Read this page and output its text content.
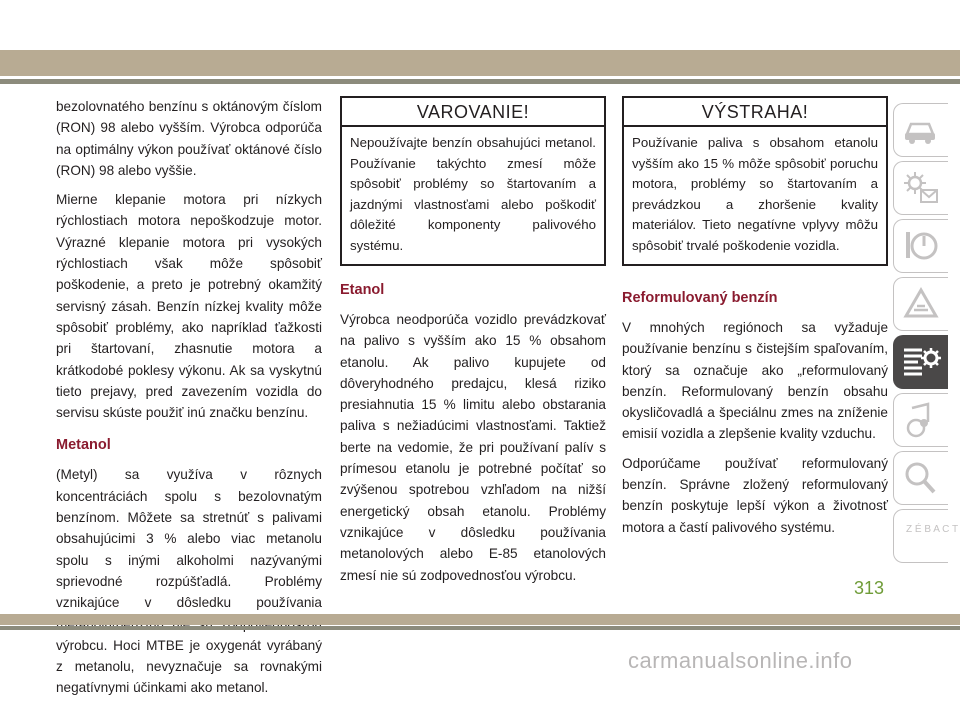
bezolovnatého benzínu s oktánovým číslom (RON) 98 alebo vyšším. Výrobca odporúča na optimálny výkon používať oktánové číslo (RON) 98 alebo vyššie.

Mierne klepanie motora pri nízkych rýchlostiach motora nepoškodzuje motor. Výrazné klepanie motora pri vysokých rýchlostiach však môže spôsobiť poškodenie, a preto je potrebný okamžitý servisný zásah. Benzín nízkej kvality môže spôsobiť problémy, ako napríklad ťažkosti pri štartovaní, zhasnutie motora a krátkodobé poklesy výkonu. Ak sa vyskytnú tieto prejavy, pred zavezením vozidla do servisu skúste použiť inú značku benzínu.

Metanol

(Metyl) sa využíva v rôznych koncentráciách spolu s bezolovnatým benzínom. Môžete sa stretnúť s palivami obsahujúcimi 3 % alebo viac metanolu spolu s inými alkoholmi nazývanými sprievodné rozpúšťadlá. Problémy vznikajúce v dôsledku používania výrobcu. Hoci MTBE je oxygenát vyrábaný z metanolu, nevyznačuje sa rovnakými negatívnymi účinkami ako metanol.

VAROVANIE!
Nepoužívajte benzín obsahujúci metanol. Používanie takýchto zmesí môže spôsobiť problémy so štartovaním a jazdnými vlastnosťami alebo poškodiť dôležité komponenty palivového systému.
Etanol

Výrobca neodporúča vozidlo prevádzkovať na palivo s vyšším ako 15 % obsahom etanolu. Ak palivo kupujete od dôveryhodného predajcu, klesá riziko presiahnutia 15 % limitu alebo obstarania paliva s nežiadúcimi vlastnosťami. Taktiež berte na vedomie, že pri používaní palív s prímesou etanolu je potrebné počítať so zvýšenou spotrebou vzhľadom na nižší energetický obsah etanolu. Problémy vznikajúce v dôsledku používania metanolových alebo E-85 etanolových zmesí nie sú zodpovednosťou výrobcu.

VÝSTRAHA!
Používanie paliva s obsahom etanolu vyšším ako 15 % môže spôsobiť poruchu motora, problémy so štartovaním a prevádzkou a zhoršenie kvality materiálov. Tieto negatívne vplyvy môžu spôsobiť trvalé poškodenie vozidla.
Reformulovaný benzín

V mnohých regiónoch sa vyžaduje používanie benzínu s čistejším spaľovaním, ktorý sa označuje ako „reformulovaný benzín. Reformulovaný benzín obsahu okysličovadlá a špeciálnu zmes na zníženie emisií vozidla a zlepšenie kvality vzduchu.

Odporúčame používať reformulovaný benzín. Správne zložený reformulovaný benzín poskytuje lepší výkon a životnosť motora a častí palivového systému.	Z É B A C T
313
carmanualsonline.info
